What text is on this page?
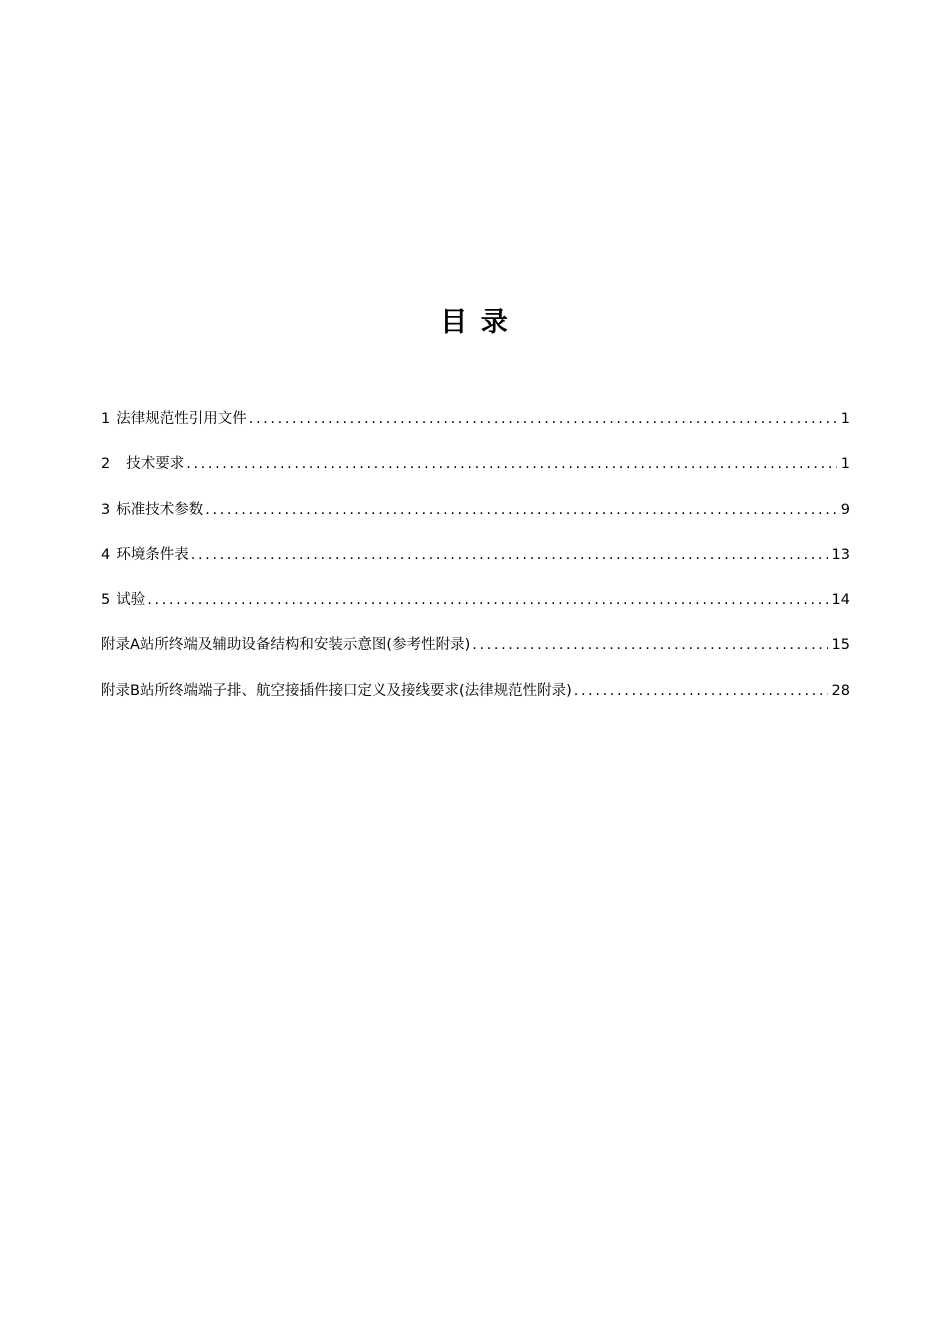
目 录
1 法律规范性引用文件 .....	1
2 技术要求 .....	1
3 标准技术参数 .....	9
4 环境条件表 .....	13
5 试验 .....	14
附录A站所终端及辅助设备结构和安装示意图(参考性附录) .....	15
附录B站所终端端子排、航空接插件接口定义及接线要求(法律规范性附录) .....	28
